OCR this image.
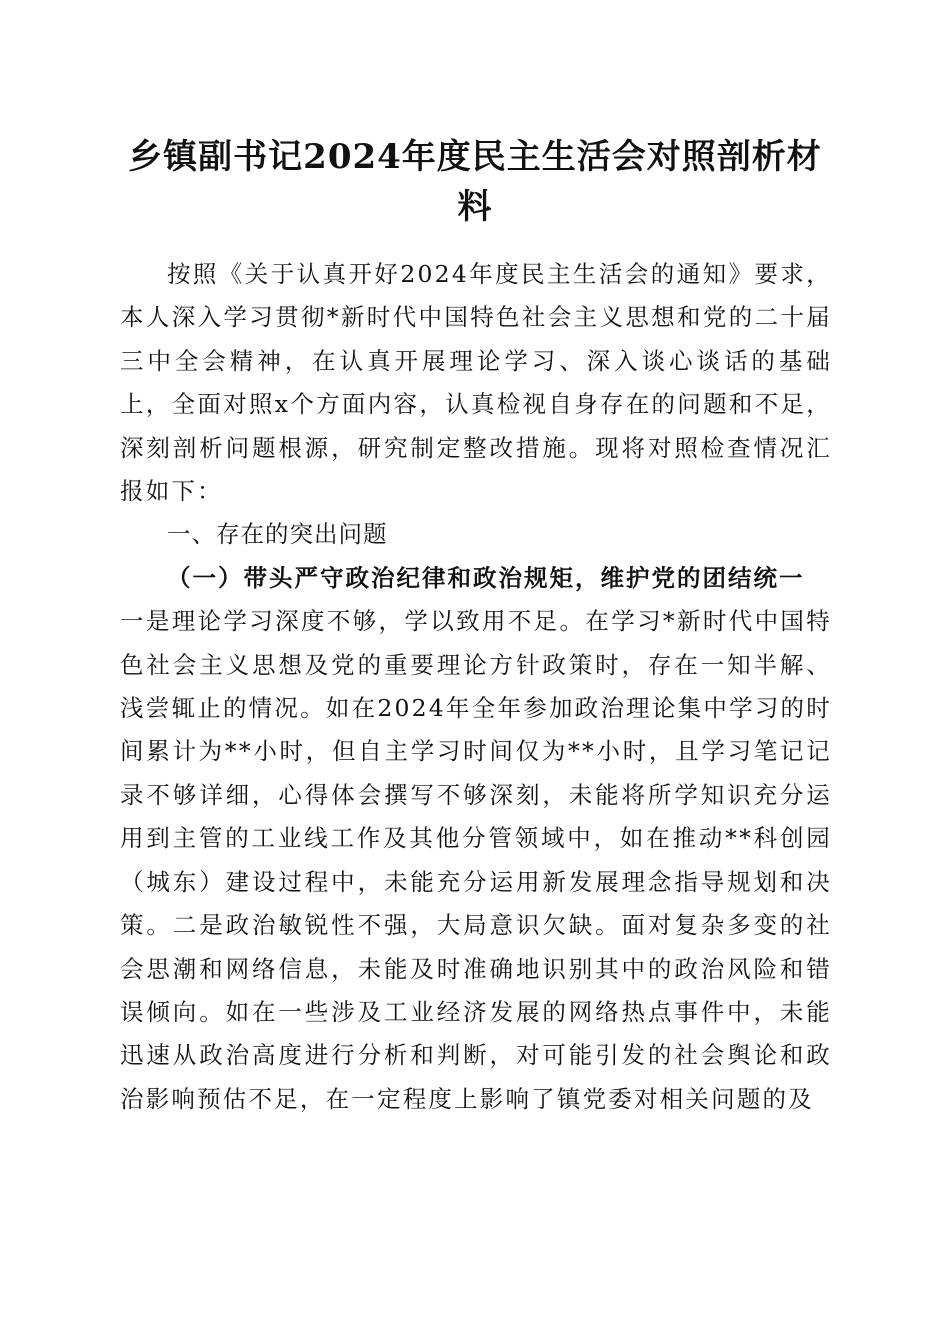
乡镇副书记2024年度民主生活会对照剖析材料

按照《关于认真开好2024年度民主生活会的通知》要求，本人深入学习贯彻*新时代中国特色社会主义思想和党的二十届三中全会精神，在认真开展理论学习、深入谈心谈话的基础上，全面对照x个方面内容，认真检视自身存在的问题和不足，深刻剖析问题根源，研究制定整改措施。现将对照检查情况汇报如下：

一、存在的突出问题

（一）带头严守政治纪律和政治规矩，维护党的团结统一

一是理论学习深度不够，学以致用不足。在学习*新时代中国特色社会主义思想及党的重要理论方针政策时，存在一知半解、浅尝辄止的情况。如在2024年全年参加政治理论集中学习的时间累计为**小时，但自主学习时间仅为**小时，且学习笔记记录不够详细，心得体会撰写不够深刻，未能将所学知识充分运用到主管的工业线工作及其他分管领域中，如在推动**科创园（城东）建设过程中，未能充分运用新发展理念指导规划和决策。二是政治敏锐性不强，大局意识欠缺。面对复杂多变的社会思潮和网络信息，未能及时准确地识别其中的政治风险和错误倾向。如在一些涉及工业经济发展的网络热点事件中，未能迅速从政治高度进行分析和判断，对可能引发的社会舆论和政治影响预估不足，在一定程度上影响了镇党委对相关问题的及
